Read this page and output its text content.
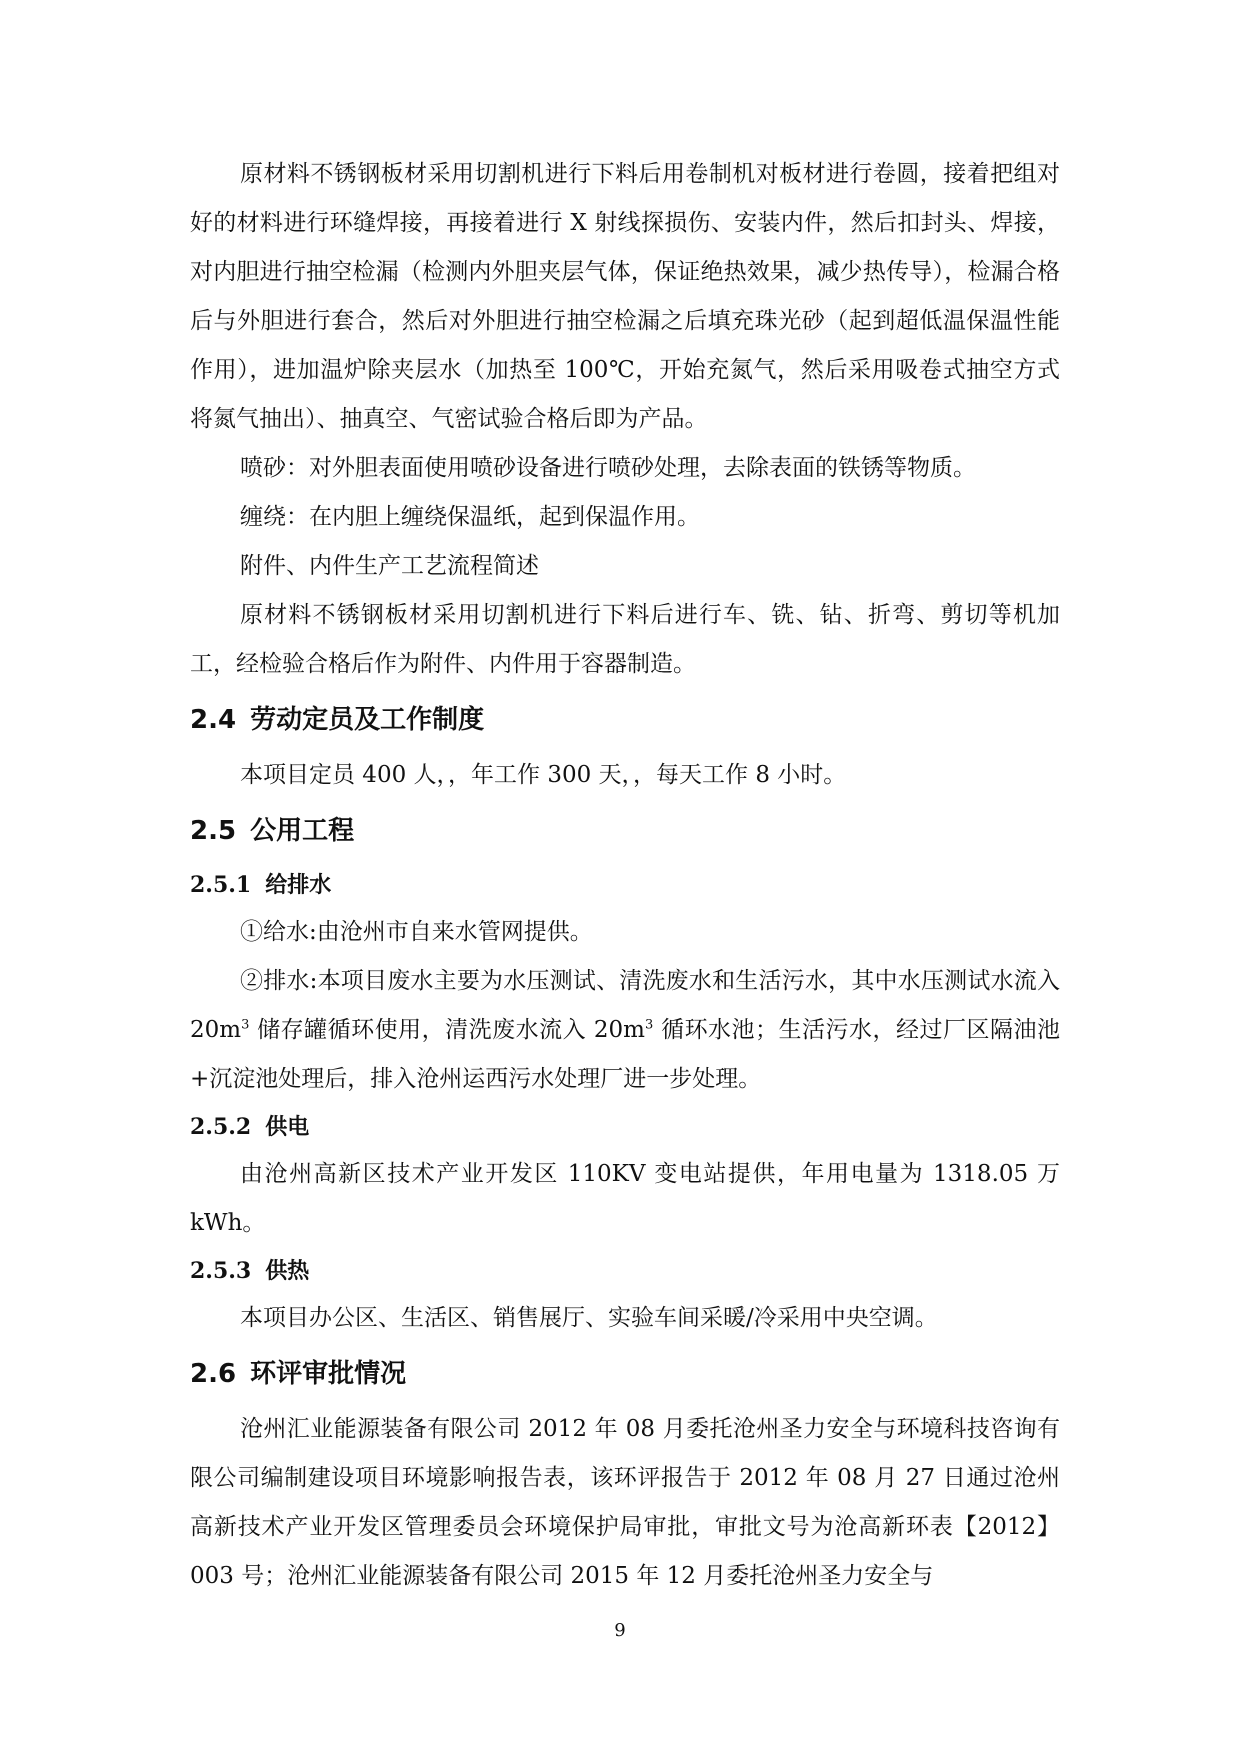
原材料不锈钢板材采用切割机进行下料后用卷制机对板材进行卷圆，接着把组对好的材料进行环缝焊接，再接着进行 X 射线探损伤、安装内件，然后扣封头、焊接，对内胆进行抽空检漏（检测内外胆夹层气体，保证绝热效果，减少热传导），检漏合格后与外胆进行套合，然后对外胆进行抽空检漏之后填充珠光砂（起到超低温保温性能作用），进加温炉除夹层水（加热至 100℃，开始充氮气，然后采用吸卷式抽空方式将氮气抽出）、抽真空、气密试验合格后即为产品。

喷砂：对外胆表面使用喷砂设备进行喷砂处理，去除表面的铁锈等物质。

缠绕：在内胆上缠绕保温纸，起到保温作用。

附件、内件生产工艺流程简述

原材料不锈钢板材采用切割机进行下料后进行车、铣、钻、折弯、剪切等机加工，经检验合格后作为附件、内件用于容器制造。

2.4 劳动定员及工作制度

本项目定员 400 人，，年工作 300 天，，每天工作 8 小时。

2.5 公用工程
2.5.1 给排水

①给水:由沧州市自来水管网提供。

②排水:本项目废水主要为水压测试、清洗废水和生活污水，其中水压测试水流入 $20m^3$ 储存罐循环使用，清洗废水流入 $20m^3$ 循环水池；生活污水，经过厂区隔油池+沉淀池处理后，排入沧州运西污水处理厂进一步处理。

2.5.2 供电

由沧州高新区技术产业开发区 110KV 变电站提供，年用电量为 1318.05 万 kWh。

2.5.3 供热

本项目办公区、生活区、销售展厅、实验车间采暖/冷采用中央空调。

2.6 环评审批情况

沧州汇业能源装备有限公司 2012 年 08 月委托沧州圣力安全与环境科技咨询有限公司编制建设项目环境影响报告表，该环评报告于 2012 年 08 月 27 日通过沧州高新技术产业开发区管理委员会环境保护局审批，审批文号为沧高新环表【2012】003 号；沧州汇业能源装备有限公司 2015 年 12 月委托沧州圣力安全与

9
